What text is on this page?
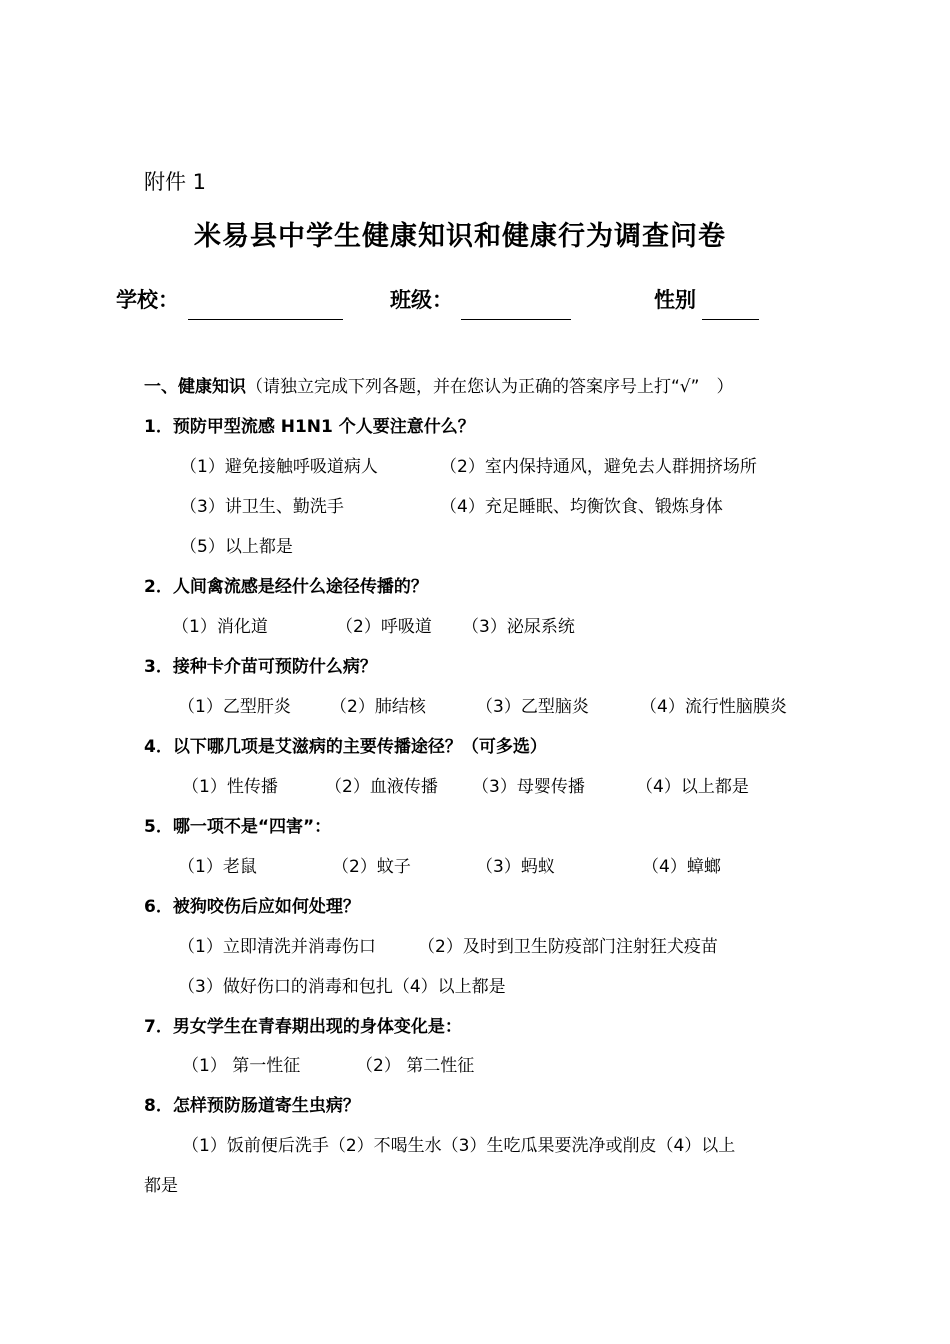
附件 1
米易县中学生健康知识和健康行为调查问卷
学校：	班级：	性别
一、健康知识（请独立完成下列各题，并在您认为正确的答案序号上打“√”　）
1．预防甲型流感 H1N1 个人要注意什么？
（1）避免接触呼吸道病人	（2）室内保持通风，避免去人群拥挤场所
（3）讲卫生、勤洗手	（4）充足睡眠、均衡饮食、锻炼身体
（5）以上都是
2．人间禽流感是经什么途径传播的？
（1）消化道	（2）呼吸道 （3）泌尿系统
3．接种卡介苗可预防什么病？
（1）乙型肝炎 （2）肺结核	（3）乙型脑炎	（4）流行性脑膜炎
4．以下哪几项是艾滋病的主要传播途径？（可多选）
（1）性传播	（2）血液传播 （3）母婴传播	（4）以上都是
5．哪一项不是“四害”：
（1）老鼠	（2）蚊子	（3）蚂蚁	（4）蟑螂
6．被狗咬伤后应如何处理？
（1）立即清洗并消毒伤口 （2）及时到卫生防疫部门注射狂犬疫苗
（3）做好伤口的消毒和包扎（4）以上都是
7．男女学生在青春期出现的身体变化是：
（1） 第一性征	（2） 第二性征
8．怎样预防肠道寄生虫病？
（1）饭前便后洗手（2）不喝生水（3）生吃瓜果要洗净或削皮（4）以上
都是
